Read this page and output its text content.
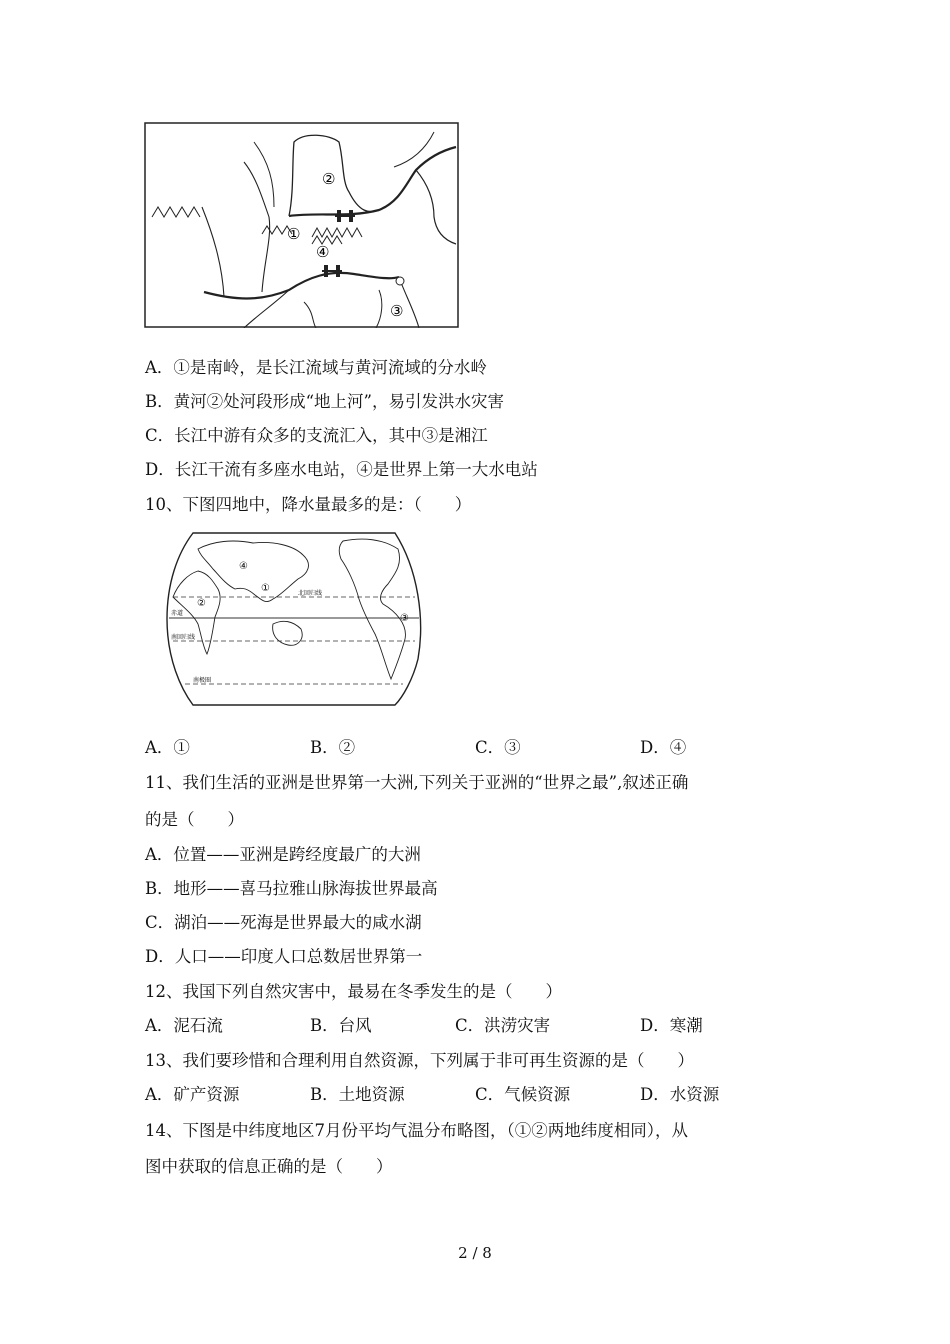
②
①
④
③
A．①是南岭，是长江流域与黄河流域的分水岭
B．黄河②处河段形成“地上河”，易引发洪水灾害
C．长江中游有众多的支流汇入，其中③是湘江
D．长江干流有多座水电站，④是世界上第一大水电站
10、下图四地中，降水量最多的是：（　　）
②
①
③
④
北回归线
赤道
南回归线
南极圈
A．①	B．②	C．③	D．④
11、我们生活的亚洲是世界第一大洲,下列关于亚洲的“世界之最”,叙述正确
的是（　　）
A．位置——亚洲是跨经度最广的大洲
B．地形——喜马拉雅山脉海拔世界最高
C．湖泊——死海是世界最大的咸水湖
D．人口——印度人口总数居世界第一
12、我国下列自然灾害中，最易在冬季发生的是（　　）
A．泥石流	B．台风	C．洪涝灾害	D．寒潮
13、我们要珍惜和合理利用自然资源，下列属于非可再生资源的是（　　）
A．矿产资源	B．土地资源	C．气候资源	D．水资源
14、下图是中纬度地区7月份平均气温分布略图，（①②两地纬度相同），从
图中获取的信息正确的是（　　）
2 / 8
